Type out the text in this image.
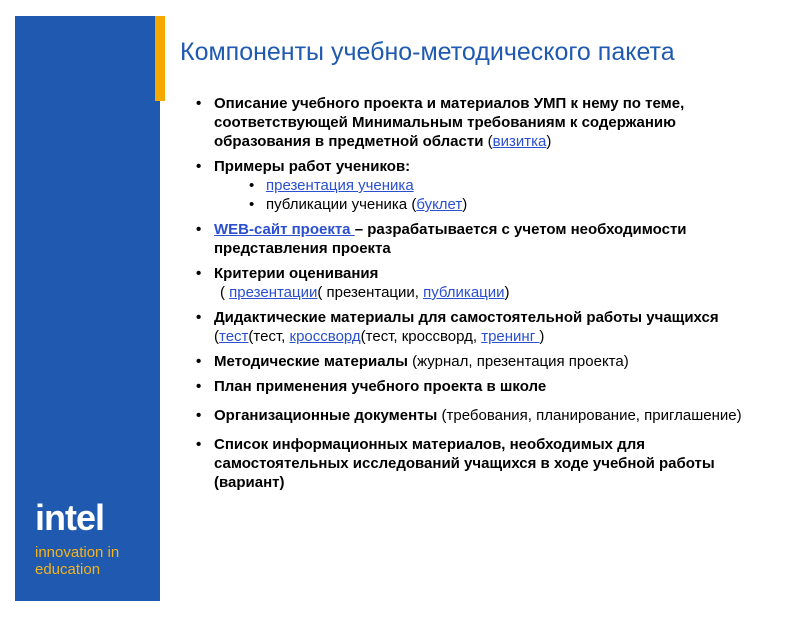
intel
innovation in
education
Компоненты учебно-методического пакета
• Описание учебного проекта и материалов УМП к нему по теме, соответствующей Минимальным требованиям к содержанию образования в предметной области (визитка)
• Примеры работ учеников:
• презентация ученика
• публикации ученика (буклет)
• WEB-сайт проекта – разрабатывается с учетом необходимости представления проекта
• Критерии оценивания
( презентации( презентации, публикации)
• Дидактические материалы для самостоятельной работы учащихся (тест(тест, кроссворд(тест, кроссворд, тренинг )
• Методические материалы (журнал, презентация проекта)
• План применения учебного проекта в школе
• Организационные документы (требования, планирование, приглашение)
• Список информационных материалов, необходимых для самостоятельных исследований учащихся в ходе учебной работы (вариант)
